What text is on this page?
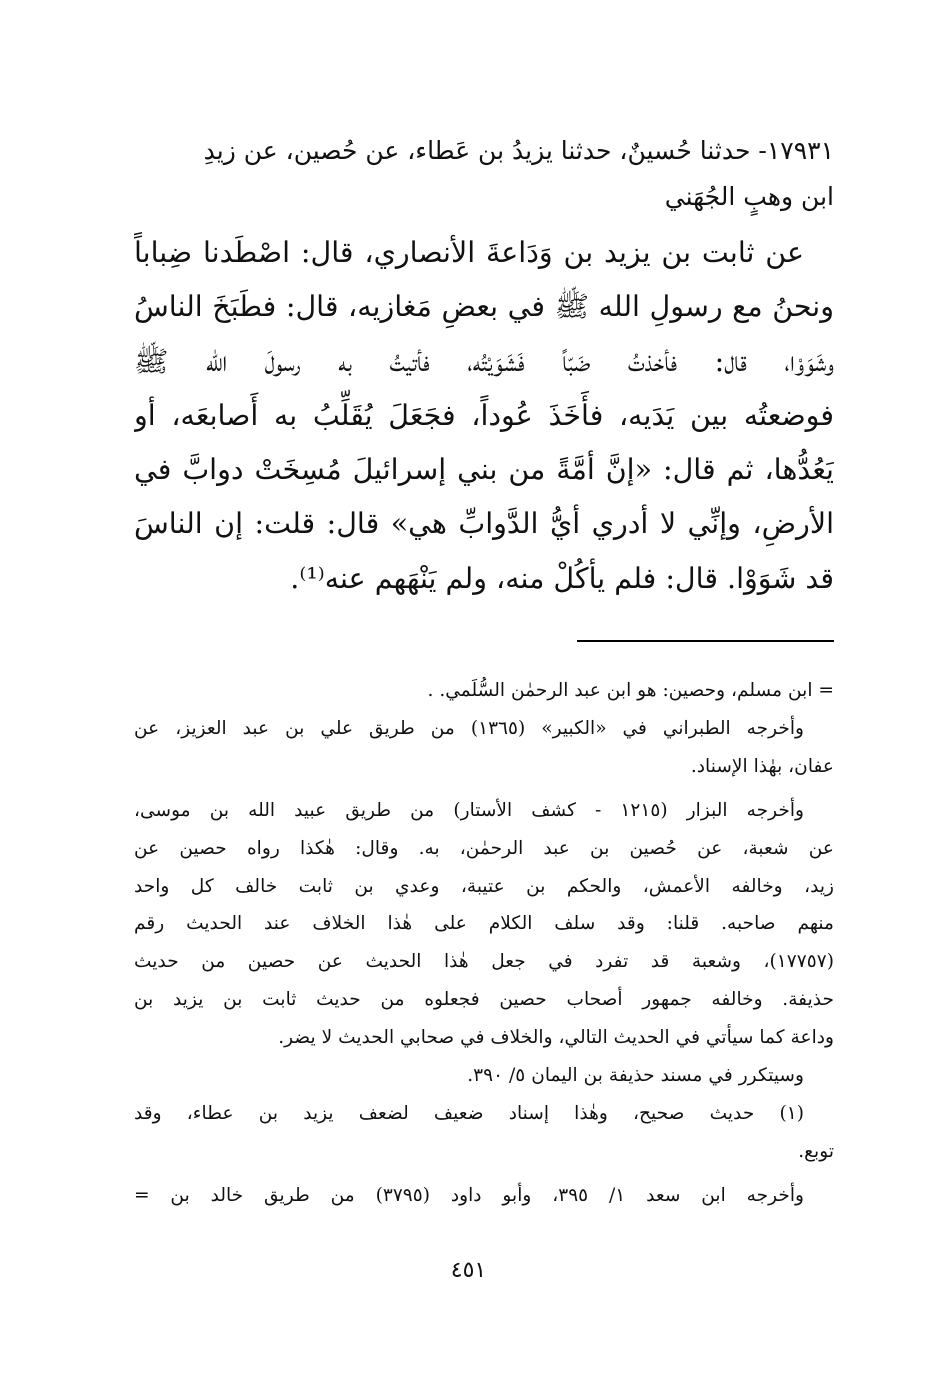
١٧٩٣١- حدثنا حُسينٌ، حدثنا يزيدُ بن عَطاء، عن حُصين، عن زيدِ
ابن وهبٍ الجُهَني
عن ثابت بن يزيد بن وَدَاعةَ الأنصاري، قال: اصْطَدنا ضِباباً
ونحنُ مع رسولِ الله ﷺ في بعضِ مَغازيه، قال: فطَبَخَ الناسُ
وشَوَوْا، قال: فأخذتُ ضَبّاً فَشَوَيْتُه، فأتيتُ به رسولَ الله ﷺ
فوضعتُه بين يَدَيه، فأَخَذَ عُوداً، فجَعَلَ يُقَلِّبُ به أَصابعَه، أو
يَعُدُّها، ثم قال: «إنَّ أمَّةً من بني إسرائيلَ مُسِخَتْ دوابَّ في
الأرضِ، وإنِّي لا أدري أيُّ الدَّوابِّ هي» قال: قلت: إن الناسَ
قد شَوَوْا. قال: فلم يأكُلْ منه، ولم يَنْهَهم عنه⁽¹⁾.
= ابن مسلم، وحصين: هو ابن عبد الرحمٰن السُّلَمي. .
وأخرجه الطبراني في «الكبير» (١٣٦٥) من طريق علي بن عبد العزيز، عن
عفان، بهٰذا الإسناد.
وأخرجه البزار (١٢١٥ - كشف الأستار) من طريق عبيد الله بن موسى،
عن شعبة، عن حُصين بن عبد الرحمٰن، به. وقال: هٰكذا رواه حصين عن
زيد، وخالفه الأعمش، والحكم بن عتيبة، وعدي بن ثابت خالف كل واحد
منهم صاحبه. قلنا: وقد سلف الكلام على هٰذا الخلاف عند الحديث رقم
(١٧٧٥٧)، وشعبة قد تفرد في جعل هٰذا الحديث عن حصين من حديث
حذيفة. وخالفه جمهور أصحاب حصين فجعلوه من حديث ثابت بن يزيد بن
وداعة كما سيأتي في الحديث التالي، والخلاف في صحابي الحديث لا يضر.
وسيتكرر في مسند حذيفة بن اليمان ٥/ ٣٩٠.
(١) حديث صحيح، وهٰذا إسناد ضعيف لضعف يزيد بن عطاء، وقد
توبع.
وأخرجه ابن سعد ١/ ٣٩٥، وأبو داود (٣٧٩٥) من طريق خالد بن =
٤٥١
